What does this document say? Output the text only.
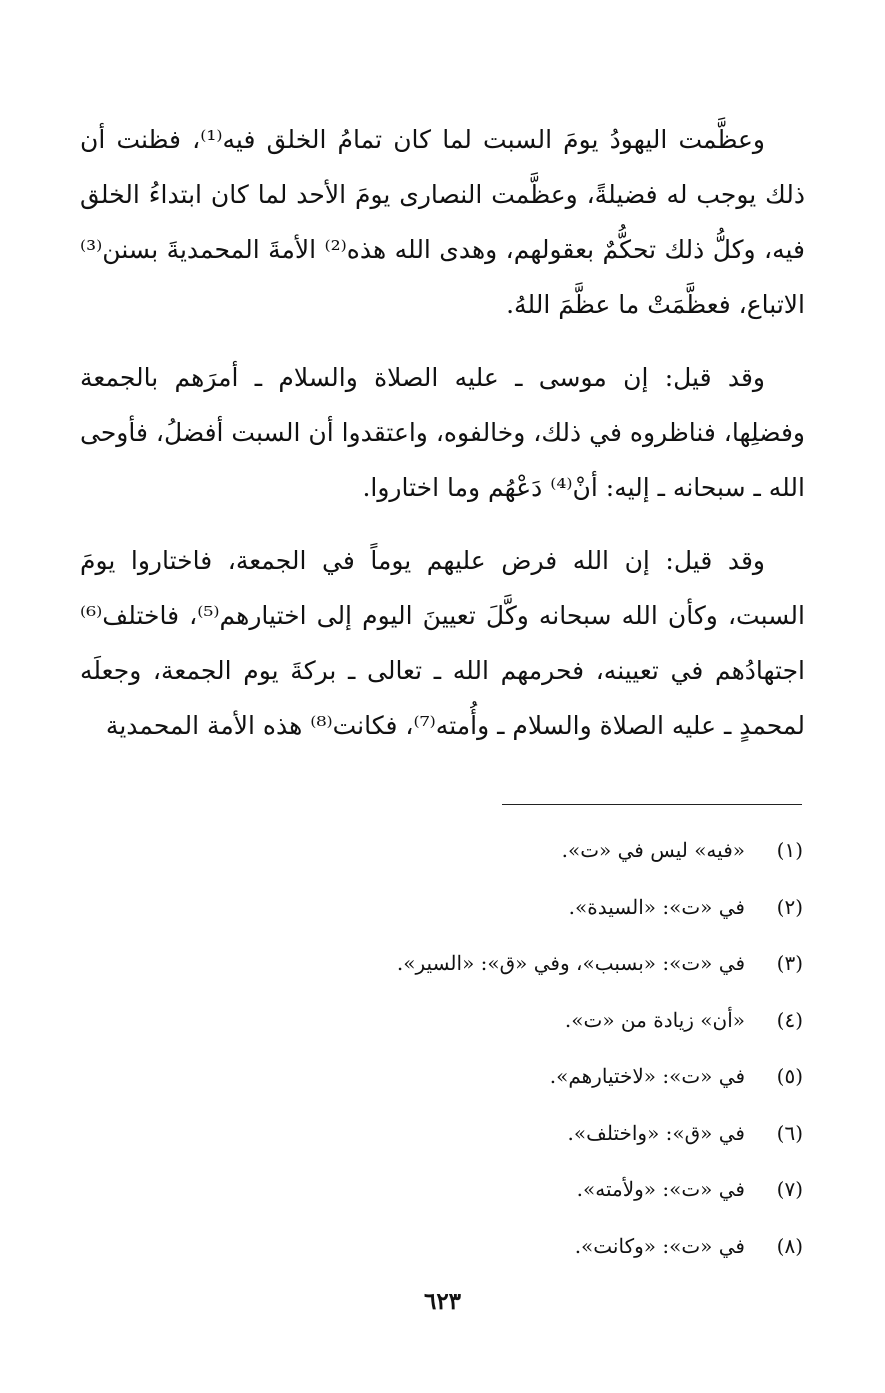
وعظَّمت اليهودُ يومَ السبت لما كان تمامُ الخلق فيه⁽¹⁾، فظنت أن ذلك يوجب له فضيلةً، وعظَّمت النصارى يومَ الأحد لما كان ابتداءُ الخلق فيه، وكلُّ ذلك تحكُّمٌ بعقولهم، وهدى الله هذه⁽²⁾ الأمةَ المحمديةَ بسنن⁽³⁾ الاتباع، فعظَّمَتْ ما عظَّمَ اللهُ.

وقد قيل: إن موسى ـ عليه الصلاة والسلام ـ أمرَهم بالجمعة وفضلِها، فناظروه في ذلك، وخالفوه، واعتقدوا أن السبت أفضلُ، فأوحى الله ـ سبحانه ـ إليه: أنْ⁽⁴⁾ دَعْهُم وما اختاروا.

وقد قيل: إن الله فرض عليهم يوماً في الجمعة، فاختاروا يومَ السبت، وكأن الله سبحانه وكَّلَ تعيينَ اليوم إلى اختيارهم⁽⁵⁾، فاختلف⁽⁶⁾ اجتهادُهم في تعيينه، فحرمهم الله ـ تعالى ـ بركةَ يوم الجمعة، وجعلَه لمحمدٍ ـ عليه الصلاة والسلام ـ وأُمته⁽⁷⁾، فكانت⁽⁸⁾ هذه الأمة المحمدية

(١)«فيه» ليس في «ت».
(٢)في «ت»: «السيدة».
(٣)في «ت»: «بسبب»، وفي «ق»: «السير».
(٤)«أن» زيادة من «ت».
(٥)في «ت»: «لاختيارهم».
(٦)في «ق»: «واختلف».
(٧)في «ت»: «ولأمته».
(٨)في «ت»: «وكانت».
٦٢٣
